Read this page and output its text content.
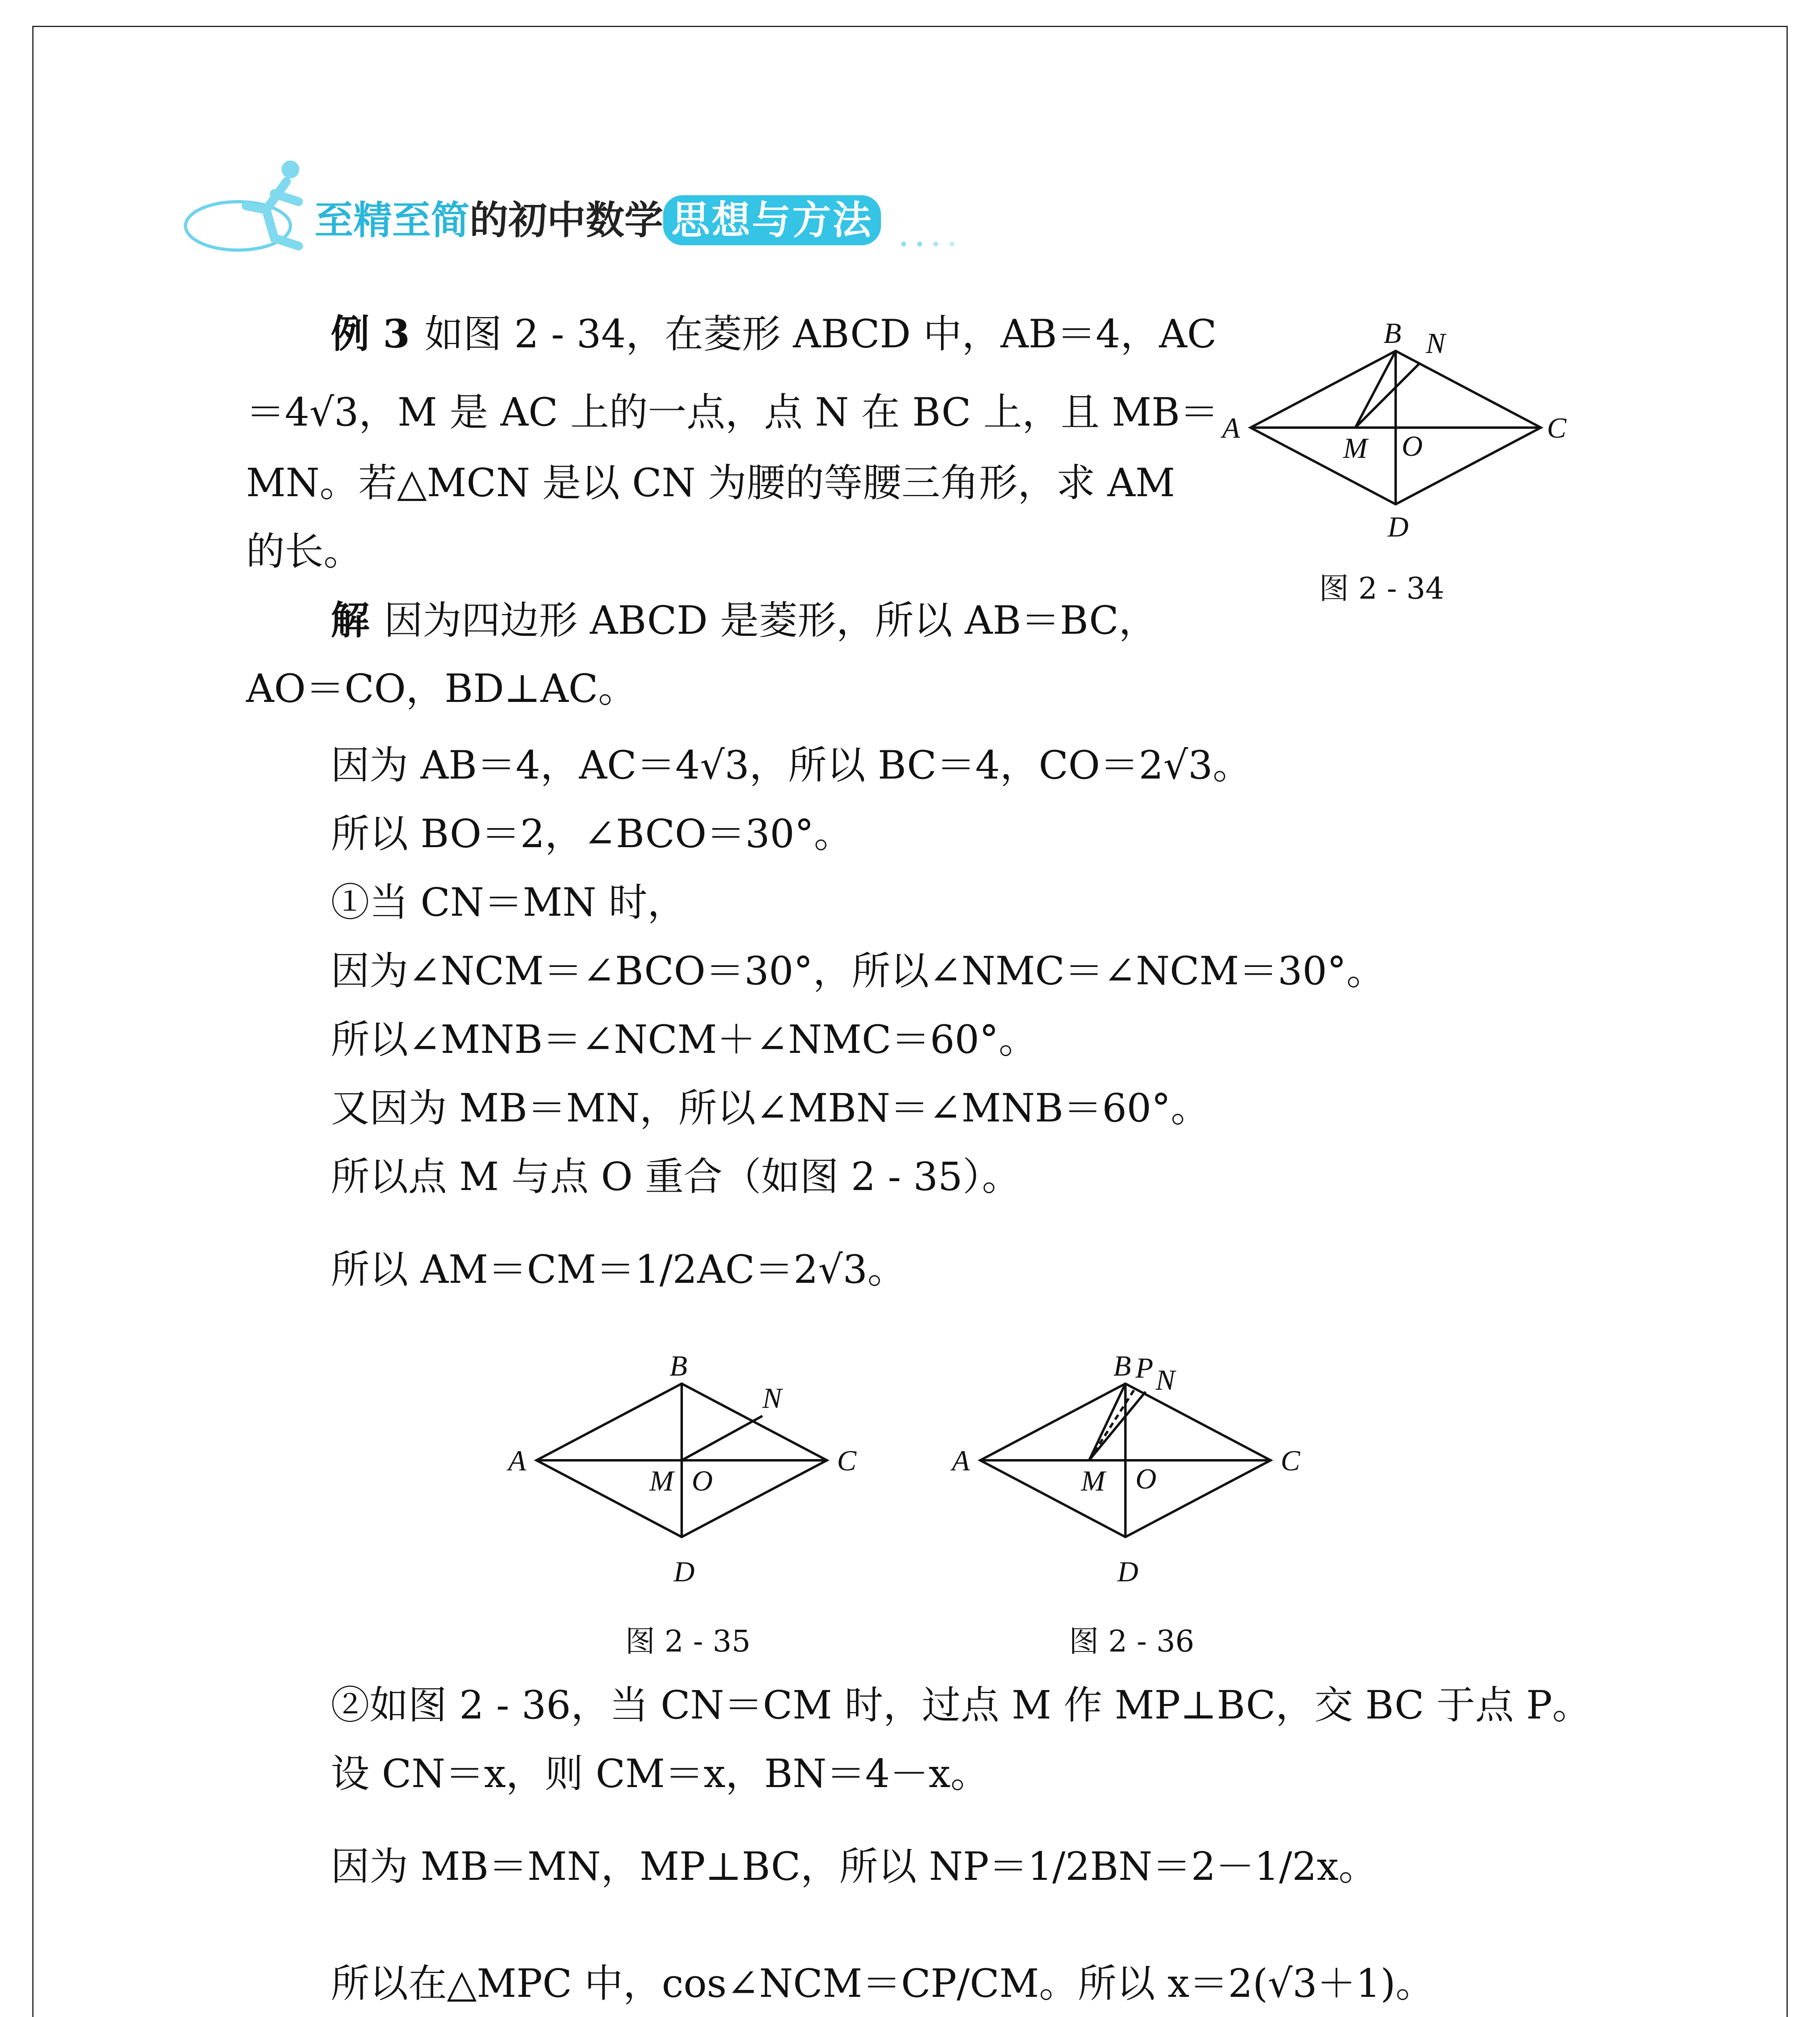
至精至简的初中数学 思想与方法
A
B N
C
M O
D
图 2 - 34
例 3 如图 2 - 34，在菱形 ABCD 中，AB＝4，AC
＝4√3，M 是 AC 上的一点，点 N 在 BC 上，且 MB＝
MN。若△MCN 是以 CN 为腰的等腰三角形，求 AM
的长。
解 因为四边形 ABCD 是菱形，所以 AB＝BC，
AO＝CO，BD⊥AC。
因为 AB＝4，AC＝4√3，所以 BC＝4，CO＝2√3。
所以 BO＝2，∠BCO＝30°。
①当 CN＝MN 时，
因为∠NCM＝∠BCO＝30°，所以∠NMC＝∠NCM＝30°。
所以∠MNB＝∠NCM＋∠NMC＝60°。
又因为 MB＝MN，所以∠MBN＝∠MNB＝60°。
所以点 M 与点 O 重合（如图 2 - 35）。
所以 AM＝CM＝1/2AC＝2√3。
A
B
N
C
M O
D
图 2 - 35
A
B P N
C
M O
D
图 2 - 36
②如图 2 - 36，当 CN＝CM 时，过点 M 作 MP⊥BC，交 BC 于点 P。
设 CN＝x，则 CM＝x，BN＝4－x。
因为 MB＝MN，MP⊥BC，所以 NP＝1/2BN＝2－1/2x。
所以在△MPC 中，cos∠NCM＝CP/CM。所以 x＝2(√3＋1)。
